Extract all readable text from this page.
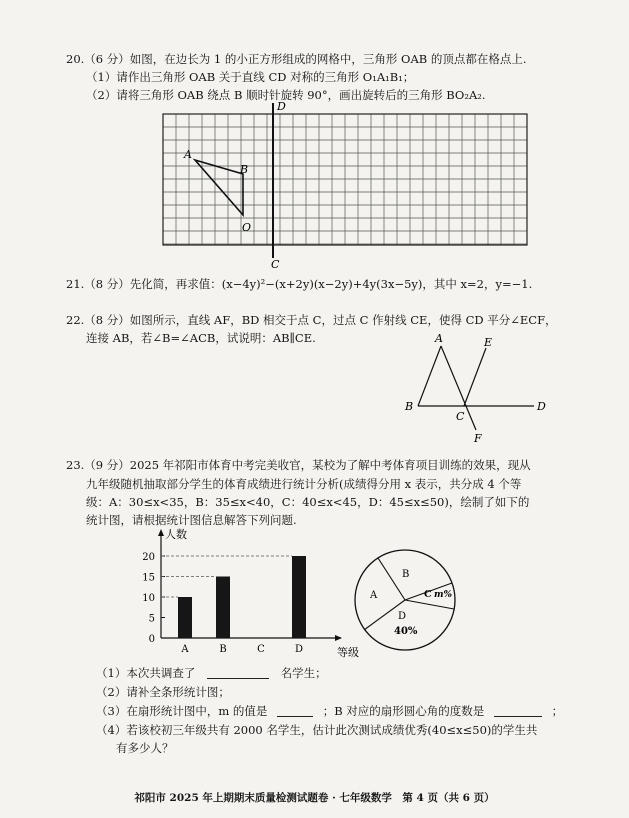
20.（6 分）如图，在边长为 1 的小正方形组成的网格中，三角形 OAB 的顶点都在格点上.
（1）请作出三角形 OAB 关于直线 CD 对称的三角形 O₁A₁B₁；
（2）请将三角形 OAB 绕点 B 顺时针旋转 90°，画出旋转后的三角形 BO₂A₂.
A
B
O
D
C
21.（8 分）先化简，再求值：(x−4y)²−(x+2y)(x−2y)+4y(3x−5y)，其中 x=2，y=−1.
22.（8 分）如图所示，直线 AF，BD 相交于点 C，过点 C 作射线 CE，使得 CD 平分∠ECF，
连接 AB，若∠B=∠ACB，试说明：AB∥CE.	A	E
B
C
D
F
23.（9 分）2025 年祁阳市体育中考完美收官，某校为了解中考体育项目训练的效果，现从
九年级随机抽取部分学生的体育成绩进行统计分析(成绩得分用 x 表示，共分成 4 个等
级：A：30≤x<35，B：35≤x<40，C：40≤x<45，D：45≤x≤50)，绘制了如下的
统计图，请根据统计图信息解答下列问题.
人数
等级
0
5
10
15
20
A	B	C	D
B
A	C m%
D
40%
（1）本次共调查了	名学生；
（2）请补全条形统计图；
（3）在扇形统计图中，m 的值是	；B 对应的扇形圆心角的度数是	；
（4）若该校初三年级共有 2000 名学生，估计此次测试成绩优秀(40≤x≤50)的学生共
有多少人？
祁阳市 2025 年上期期末质量检测试题卷 · 七年级数学　第 4 页（共 6 页）
